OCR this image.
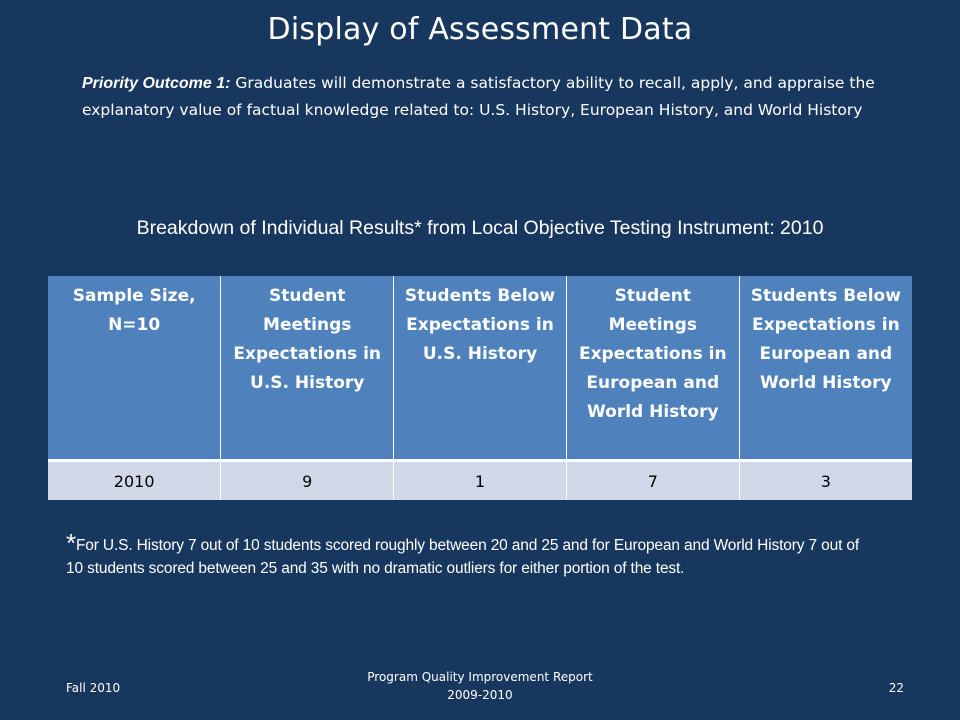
Display of Assessment Data
Priority Outcome 1: Graduates will demonstrate a satisfactory ability to recall, apply, and appraise the explanatory value of factual knowledge related to: U.S. History, European History, and World History
Breakdown of Individual Results* from Local Objective Testing Instrument: 2010
Sample Size, N=10	Student Meetings Expectations in U.S. History	Students Below Expectations in U.S. History	Student Meetings Expectations in European and World History	Students Below Expectations in European and World History
2010	9	1	7	3
*For U.S. History 7 out of 10 students scored roughly between 20 and 25 and for European and World History 7 out of 10 students scored between 25 and 35 with no dramatic outliers for either portion of the test.
Fall 2010
Program Quality Improvement Report
2009-2010	22
